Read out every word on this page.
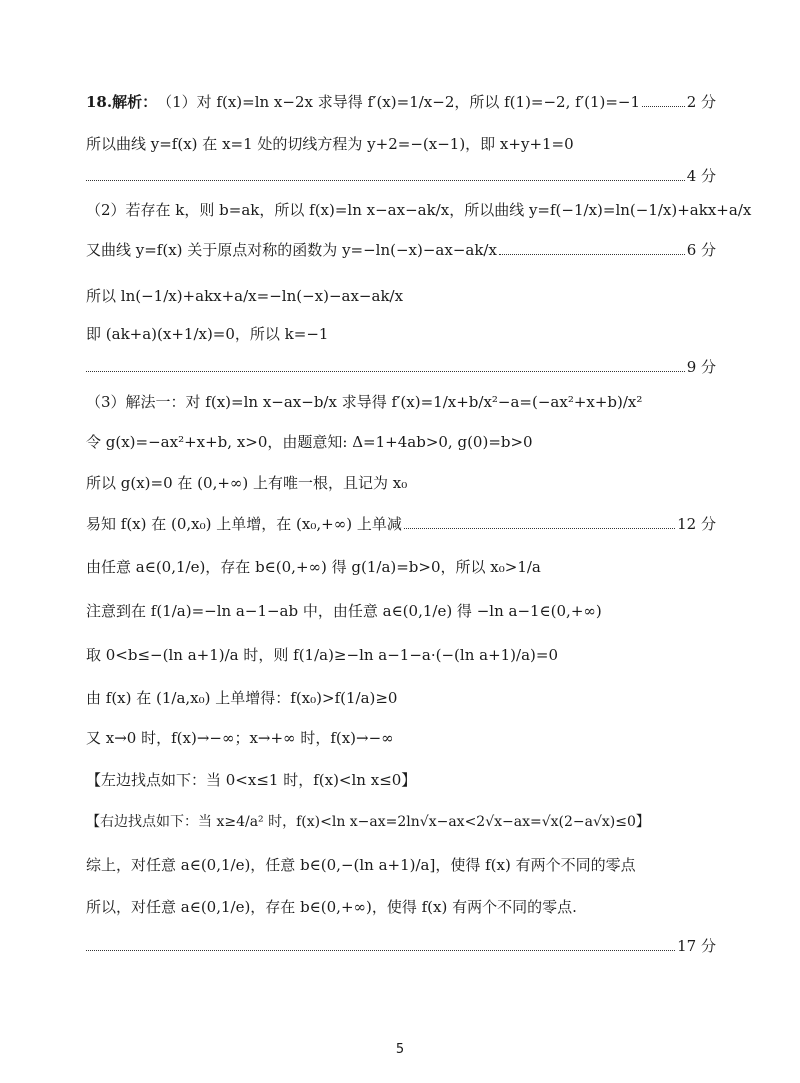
18.解析： （1）对 f(x)=ln x−2x 求导得 f′(x)=1/x−2，所以 f(1)=−2, f′(1)=−1	2 分
所以曲线 y=f(x) 在 x=1 处的切线方程为 y+2=−(x−1)，即 x+y+1=0
4 分
（2）若存在 k，则 b=ak，所以 f(x)=ln x−ax−ak/x，所以曲线 y=f(−1/x)=ln(−1/x)+akx+a/x
又曲线 y=f(x) 关于原点对称的函数为 y=−ln(−x)−ax−ak/x	6 分
所以 ln(−1/x)+akx+a/x=−ln(−x)−ax−ak/x
即 (ak+a)(x+1/x)=0，所以 k=−1
9 分
（3）解法一：对 f(x)=ln x−ax−b/x 求导得 f′(x)=1/x+b/x²−a=(−ax²+x+b)/x²
令 g(x)=−ax²+x+b, x>0，由题意知: Δ=1+4ab>0, g(0)=b>0
所以 g(x)=0 在 (0,+∞) 上有唯一根，且记为 x₀
易知 f(x) 在 (0,x₀) 上单增，在 (x₀,+∞) 上单减	12 分
由任意 a∈(0,1/e)，存在 b∈(0,+∞) 得 g(1/a)=b>0，所以 x₀>1/a
注意到在 f(1/a)=−ln a−1−ab 中，由任意 a∈(0,1/e) 得 −ln a−1∈(0,+∞)
取 0<b≤−(ln a+1)/a 时，则 f(1/a)≥−ln a−1−a·(−(ln a+1)/a)=0
由 f(x) 在 (1/a,x₀) 上单增得：f(x₀)>f(1/a)≥0
又 x→0 时，f(x)→−∞；x→+∞ 时，f(x)→−∞
【左边找点如下：当 0<x≤1 时，f(x)<ln x≤0】
【右边找点如下：当 x≥4/a² 时，f(x)<ln x−ax=2ln√x−ax<2√x−ax=√x(2−a√x)≤0】
综上，对任意 a∈(0,1/e)，任意 b∈(0,−(ln a+1)/a]，使得 f(x) 有两个不同的零点
所以，对任意 a∈(0,1/e)，存在 b∈(0,+∞)，使得 f(x) 有两个不同的零点.
17 分
5
